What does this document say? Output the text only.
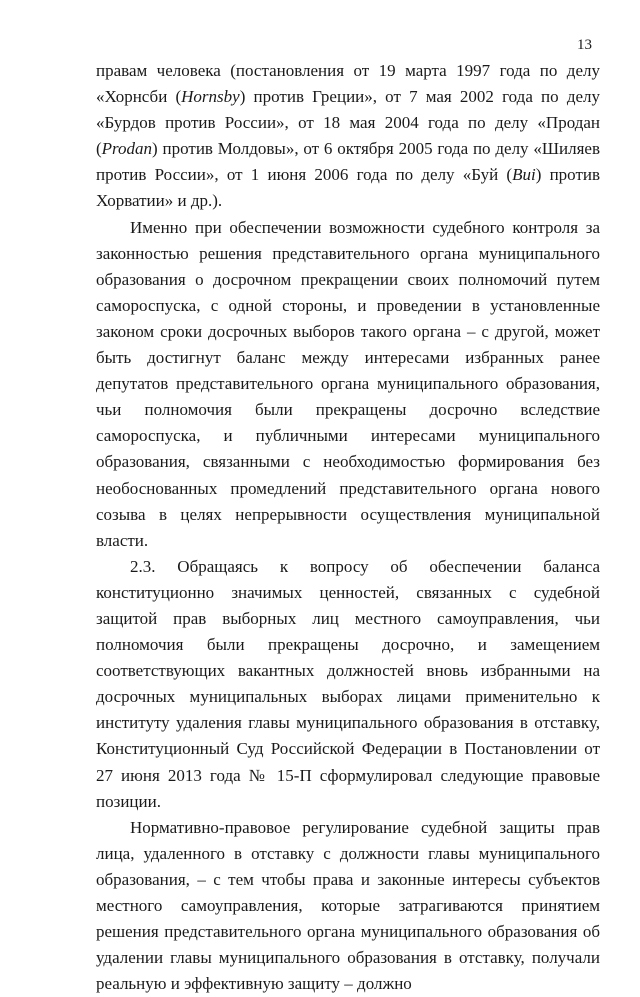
13

правам человека (постановления от 19 марта 1997 года по делу «Хорнсби (Hornsby) против Греции», от 7 мая 2002 года по делу «Бурдов против России», от 18 мая 2004 года по делу «Продан (Prodan) против Молдовы», от 6 октября 2005 года по делу «Шиляев против России», от 1 июня 2006 года по делу «Буй (Bui) против Хорватии» и др.).

Именно при обеспечении возможности судебного контроля за законностью решения представительного органа муниципального образования о досрочном прекращении своих полномочий путем самороспуска, с одной стороны, и проведении в установленные законом сроки досрочных выборов такого органа – с другой, может быть достигнут баланс между интересами избранных ранее депутатов представительного органа муниципального образования, чьи полномочия были прекращены досрочно вследствие самороспуска, и публичными интересами муниципального образования, связанными с необходимостью формирования без необоснованных промедлений представительного органа нового созыва в целях непрерывности осуществления муниципальной власти.

2.3. Обращаясь к вопросу об обеспечении баланса конституционно значимых ценностей, связанных с судебной защитой прав выборных лиц местного самоуправления, чьи полномочия были прекращены досрочно, и замещением соответствующих вакантных должностей вновь избранными на досрочных муниципальных выборах лицами применительно к институту удаления главы муниципального образования в отставку, Конституционный Суд Российской Федерации в Постановлении от 27 июня 2013 года № 15-П сформулировал следующие правовые позиции.

Нормативно-правовое регулирование судебной защиты прав лица, удаленного в отставку с должности главы муниципального образования, – с тем чтобы права и законные интересы субъектов местного самоуправления, которые затрагиваются принятием решения представительного органа муниципального образования об удалении главы муниципального образования в отставку, получали реальную и эффективную защиту – должно
